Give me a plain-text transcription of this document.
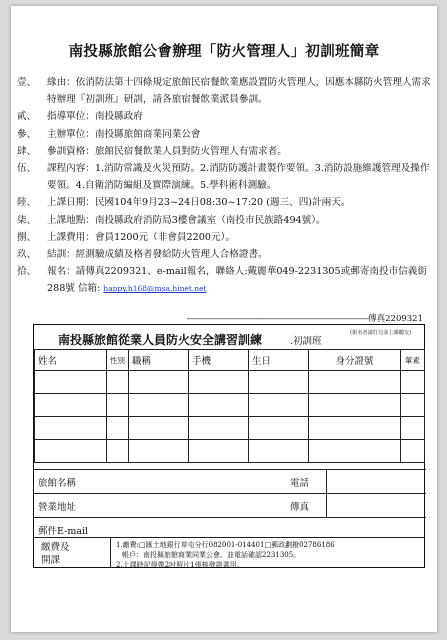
南投縣旅館公會辦理「防火管理人」初訓班簡章
壹、 緣由：依消防法第十四條規定旅館民宿餐飲業應設置防火管理人，因應本縣防火管理人需求特辦理『初訓班』研訓，請各旅宿餐飲業派員參訓。
貳、 指導單位：南投縣政府
參、 主辦單位：南投縣旅館商業同業公會
肆、 參訓資格：旅館民宿餐飲業人員對防火管理人有需求者。
伍、 課程內容：1.消防常識及火災預防。2.消防防護計畫製作要領。3.消防設施維護管理及操作要領。4.自衛消防編組及實際演練。5.學科術科測驗。
陸、 上課日期：民國104年9月23~24日08:30~17:20 (週三、四)計兩天。
柒、 上課地點：南投縣政府消防局3樓會議室（南投市民族路494號）。
捌、 上課費用：會員1200元（非會員2200元）。
玖、 結訓：經測驗成績及格者發給防火管理人合格證書。
拾、 報名：請傳真2209321、e-mail報名，聯絡人:戴麗華049-2231305或郵寄南投市信義街288號 信箱: happy.h168@msa.hinet.net
-------------------------------------------------------------------------------------------------傳真2209321
南投縣旅館從業人員防火安全講習訓練	.初訓班
(報名者請打勾並上課繳交)
姓名	性別	職稱	手機	生日	身分證號	葷素

旅館名稱		電話	
營業地址		傳真	
郵件E-mail			
繳費及開課
1.繳費:□匯土地銀行草屯分行082001-014401□郵政劃撥02786186
帳戶：南投縣旅館商業同業公會。並電話確認2231305。
2.上課時記得帶2吋照片1張核發證書用。
